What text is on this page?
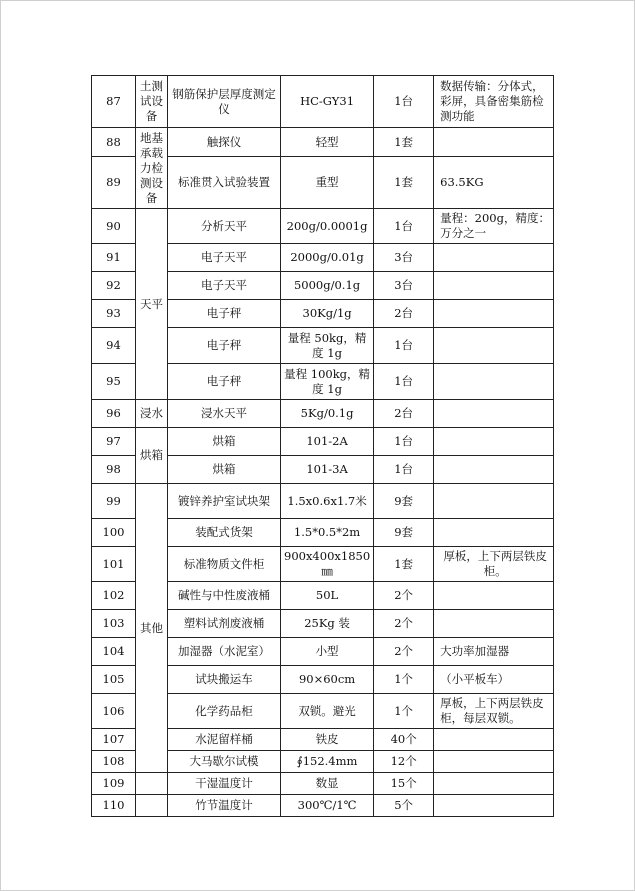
87	土测试设备	钢筋保护层厚度测定仪	HC-GY31	1台	数据传输：分体式，彩屏，具备密集筋检测功能
88	地基承载力检测设备	触探仪	轻型	1套	
89		标准贯入试验装置	重型	1套	63.5KG
90	天平	分析天平	200g/0.0001g	1台	量程：200g，精度：万分之一
91		电子天平	2000g/0.01g	3台	
92		电子天平	5000g/0.1g	3台	
93		电子秤	30Kg/1g	2台	
94		电子秤	量程 50kg，精度 1g	1台	
95		电子秤	量程 100kg，精度 1g	1台	
96	浸水	浸水天平	5Kg/0.1g	2台	
97	烘箱	烘箱	101-2A	1台	
98		烘箱	101-3A	1台	
99	其他	镀锌养护室试块架	1.5x0.6x1.7米	9套	
100		装配式货架	1.5*0.5*2m	9套	
101		标准物质文件柜	900x400x1850㎜	1套	厚板，上下两层铁皮柜。
102		碱性与中性废液桶	50L	2个	
103		塑料试剂废液桶	25Kg 装	2个	
104		加湿器（水泥室）	小型	2个	大功率加湿器
105		试块搬运车	90×60cm	1个	（小平板车）
106		化学药品柜	双锁。避光	1个	厚板，上下两层铁皮柜，每层双锁。
107		水泥留样桶	铁皮	40个	
108		大马歇尔试模	∮152.4mm	12个	
109		干湿温度计	数显	15个	
110		竹节温度计	300℃/1℃	5个	
